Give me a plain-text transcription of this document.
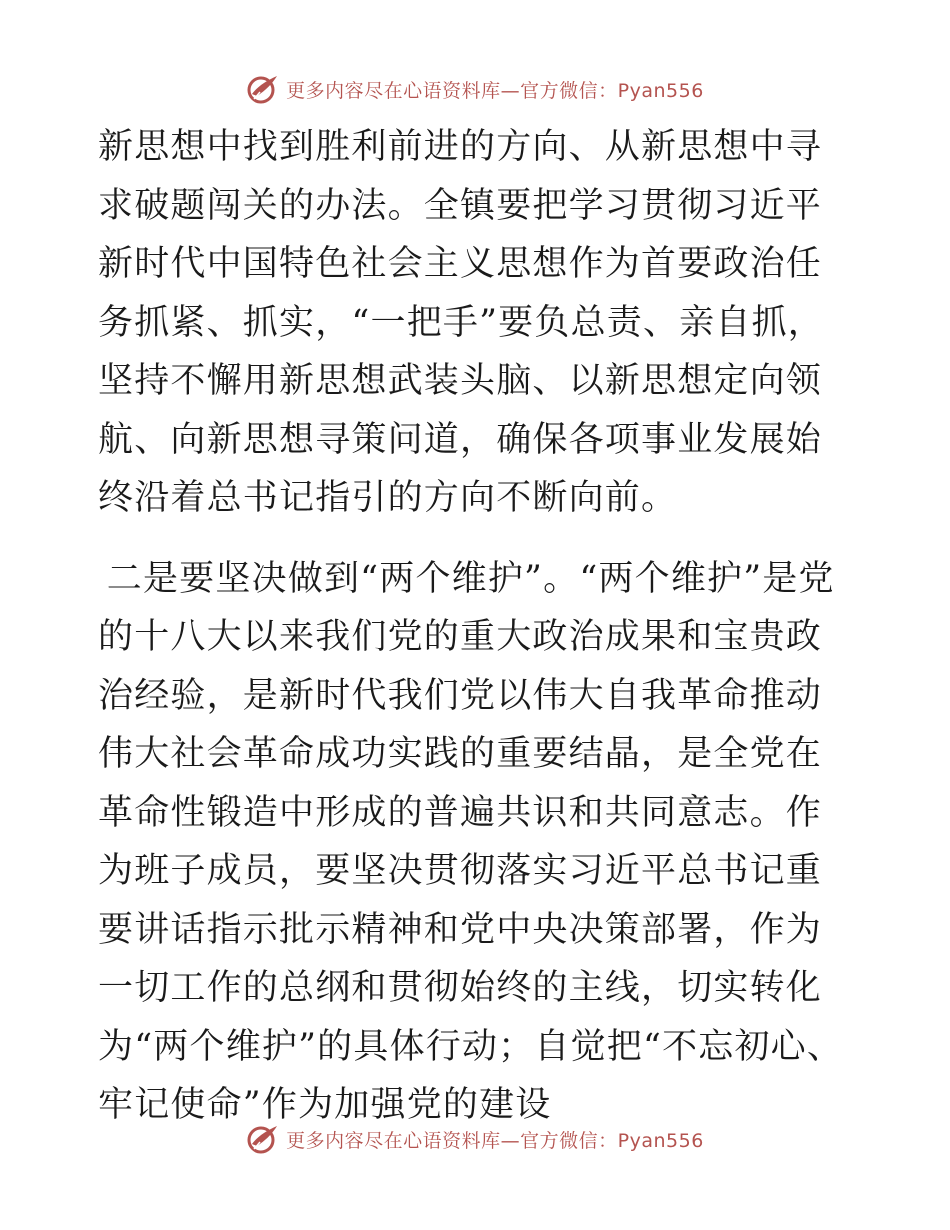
更多内容尽在心语资料库—官方微信：Pyan556

新思想中找到胜利前进的方向、从新思想中寻求破题闯关的办法。全镇要把学习贯彻习近平新时代中国特色社会主义思想作为首要政治任务抓紧、抓实，“一把手”要负总责、亲自抓，坚持不懈用新思想武装头脑、以新思想定向领航、向新思想寻策问道，确保各项事业发展始终沿着总书记指引的方向不断向前。

二是要坚决做到“两个维护”。“两个维护”是党的十八大以来我们党的重大政治成果和宝贵政治经验，是新时代我们党以伟大自我革命推动伟大社会革命成功实践的重要结晶，是全党在革命性锻造中形成的普遍共识和共同意志。作为班子成员，要坚决贯彻落实习近平总书记重要讲话指示批示精神和党中央决策部署，作为一切工作的总纲和贯彻始终的主线，切实转化为“两个维护”的具体行动；自觉把“不忘初心、牢记使命”作为加强党的建设

更多内容尽在心语资料库—官方微信：Pyan556
